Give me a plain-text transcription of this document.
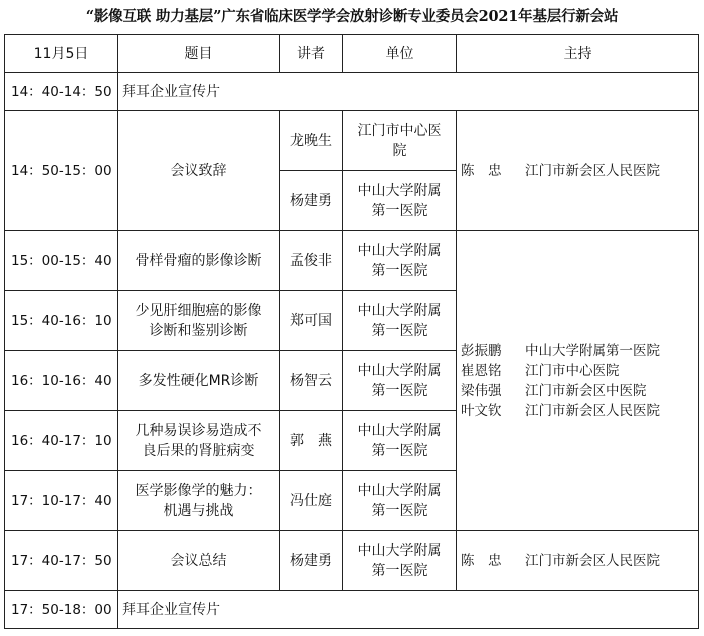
“影像互联 助力基层”广东省临床医学学会放射诊断专业委员会2021年基层行新会站
11月5日	题目	讲者	单位	主持
14：40-14：50	拜耳企业宣传片			
14：50-15：00	会议致辞	龙晚生	江门市中心医
院	陈　忠 江门市新会区人民医院
		杨建勇	中山大学附属
第一医院	

15：00-15：40	骨样骨瘤的影像诊断	孟俊非	中山大学附属
第一医院	彭振鹏 中山大学附属第一医院
崔恩铭 江门市中心医院
梁伟强 江门市新会区中医院
叶文钦 江门市新会区人民医院

15：40-16：10	少见肝细胞癌的影像
诊断和鉴别诊断	郑可国	中山大学附属
第一医院	

16：10-16：40	多发性硬化MR诊断	杨智云	中山大学附属
第一医院	

16：40-17：10	几种易误诊易造成不
良后果的肾脏病变	郭　燕	中山大学附属
第一医院	

17：10-17：40	医学影像学的魅力：
机遇与挑战	冯仕庭	中山大学附属
第一医院	

17：40-17：50	会议总结	杨建勇	中山大学附属
第一医院	陈　忠 江门市新会区人民医院
17：50-18：00	拜耳企业宣传片			
